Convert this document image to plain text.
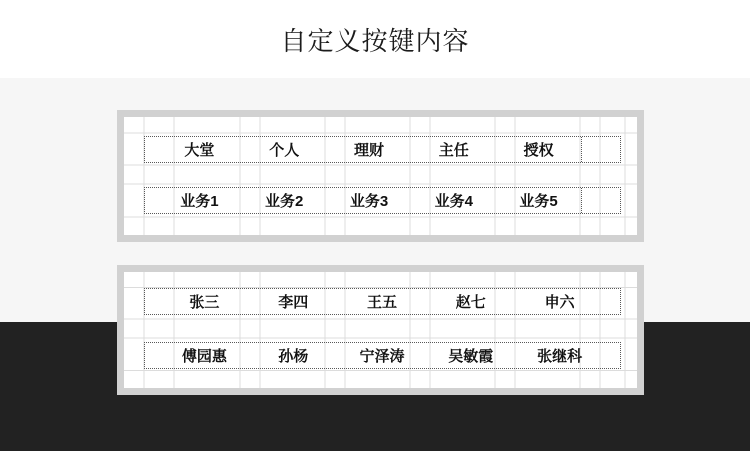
自定义按键内容
大堂	个人	理财	主任	授权
业务1	业务2	业务3	业务4	业务5
张三	李四	王五	赵七	申六
傅园惠	孙杨	宁泽涛	吴敏霞	张继科
